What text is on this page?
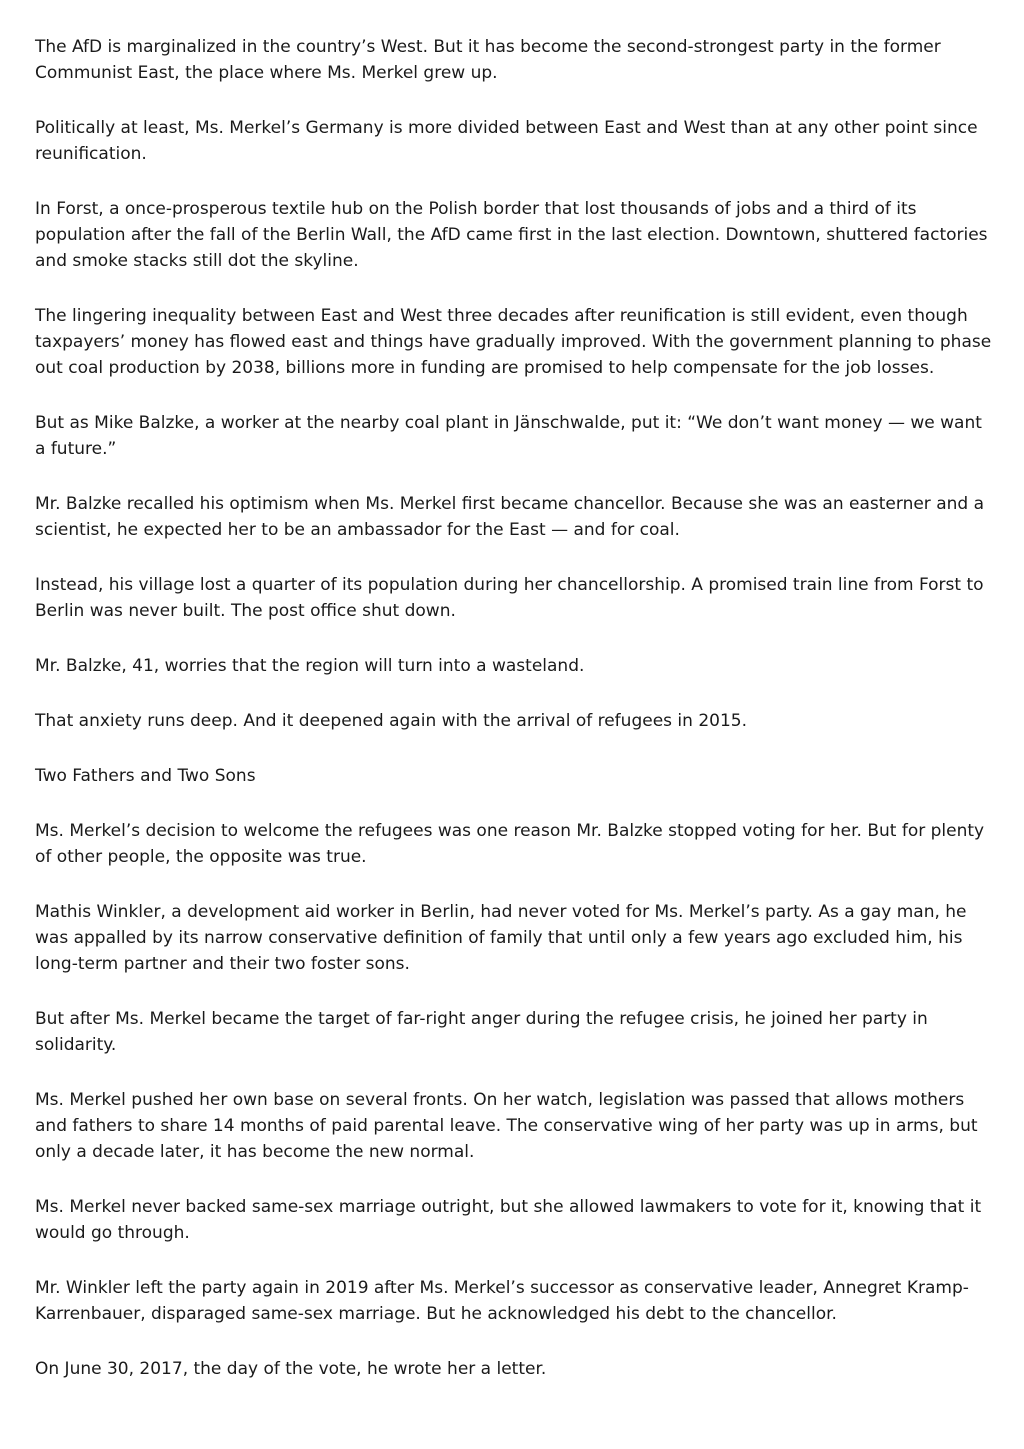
The AfD is marginalized in the country’s West. But it has become the second-strongest party in the former Communist East, the place where Ms. Merkel grew up.

Politically at least, Ms. Merkel’s Germany is more divided between East and West than at any other point since reunification.

In Forst, a once-prosperous textile hub on the Polish border that lost thousands of jobs and a third of its population after the fall of the Berlin Wall, the AfD came first in the last election. Downtown, shuttered factories and smoke stacks still dot the skyline.

The lingering inequality between East and West three decades after reunification is still evident, even though taxpayers’ money has flowed east and things have gradually improved. With the government planning to phase out coal production by 2038, billions more in funding are promised to help compensate for the job losses.

But as Mike Balzke, a worker at the nearby coal plant in Jänschwalde, put it: “We don’t want money — we want a future.”

Mr. Balzke recalled his optimism when Ms. Merkel first became chancellor. Because she was an easterner and a scientist, he expected her to be an ambassador for the East — and for coal.

Instead, his village lost a quarter of its population during her chancellorship. A promised train line from Forst to Berlin was never built. The post office shut down.

Mr. Balzke, 41, worries that the region will turn into a wasteland.

That anxiety runs deep. And it deepened again with the arrival of refugees in 2015.

Two Fathers and Two Sons

Ms. Merkel’s decision to welcome the refugees was one reason Mr. Balzke stopped voting for her. But for plenty of other people, the opposite was true.

Mathis Winkler, a development aid worker in Berlin, had never voted for Ms. Merkel’s party. As a gay man, he was appalled by its narrow conservative definition of family that until only a few years ago excluded him, his long-term partner and their two foster sons.

But after Ms. Merkel became the target of far-right anger during the refugee crisis, he joined her party in solidarity.

Ms. Merkel pushed her own base on several fronts. On her watch, legislation was passed that allows mothers and fathers to share 14 months of paid parental leave. The conservative wing of her party was up in arms, but only a decade later, it has become the new normal.

Ms. Merkel never backed same-sex marriage outright, but she allowed lawmakers to vote for it, knowing that it would go through.

Mr. Winkler left the party again in 2019 after Ms. Merkel’s successor as conservative leader, Annegret Kramp-Karrenbauer, disparaged same-sex marriage. But he acknowledged his debt to the chancellor.

On June 30, 2017, the day of the vote, he wrote her a letter.
